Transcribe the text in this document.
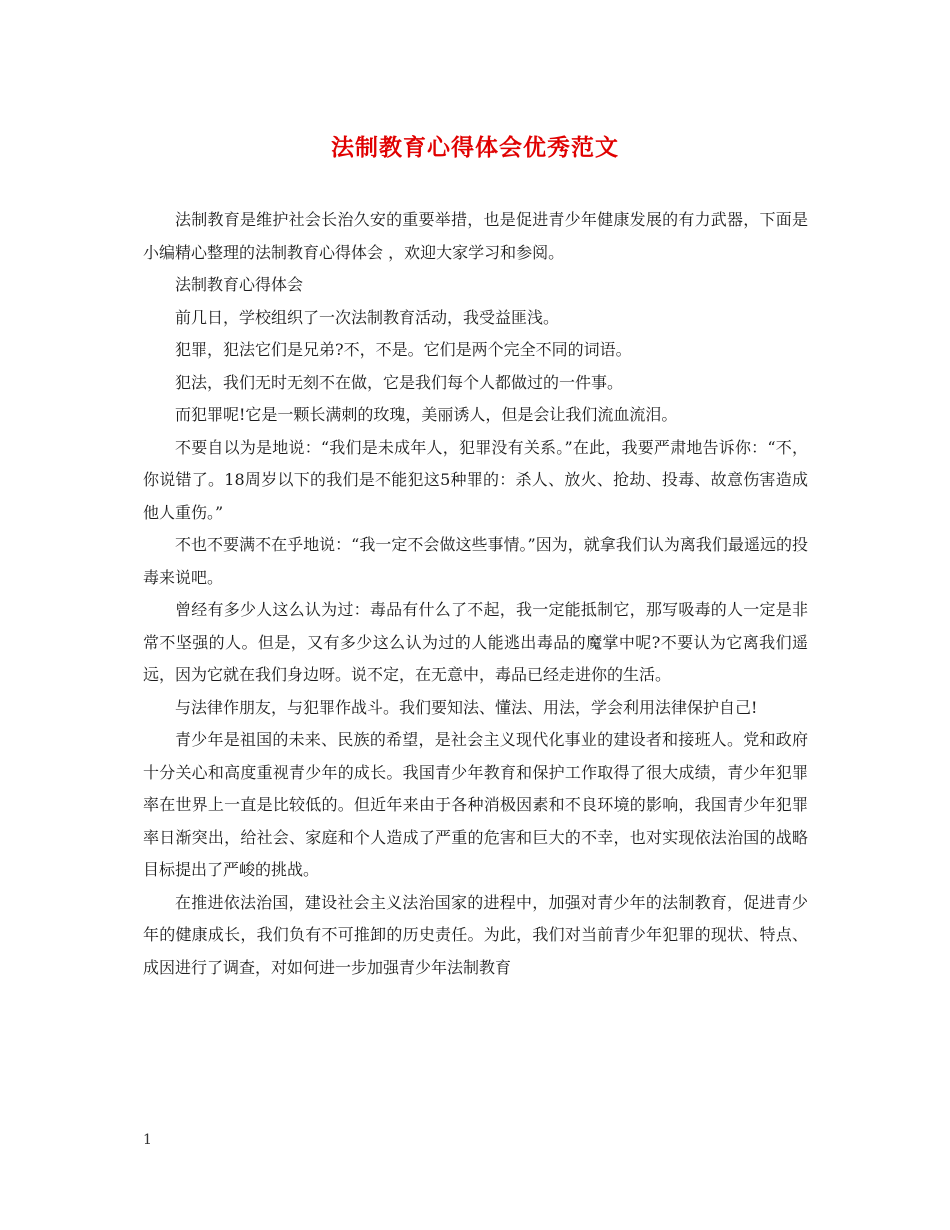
法制教育心得体会优秀范文

法制教育是维护社会长治久安的重要举措，也是促进青少年健康发展的有力武器，下面是小编精心整理的法制教育心得体会 ，欢迎大家学习和参阅。

法制教育心得体会

前几日，学校组织了一次法制教育活动，我受益匪浅。

犯罪，犯法它们是兄弟?不，不是。它们是两个完全不同的词语。

犯法，我们无时无刻不在做，它是我们每个人都做过的一件事。

而犯罪呢!它是一颗长满刺的玫瑰，美丽诱人，但是会让我们流血流泪。

不要自以为是地说：“我们是未成年人，犯罪没有关系。”在此，我要严肃地告诉你：“不，你说错了。18周岁以下的我们是不能犯这5种罪的：杀人、放火、抢劫、投毒、故意伤害造成他人重伤。”

不也不要满不在乎地说：“我一定不会做这些事情。”因为，就拿我们认为离我们最遥远的投毒来说吧。

曾经有多少人这么认为过：毒品有什么了不起，我一定能抵制它，那写吸毒的人一定是非常不坚强的人。但是，又有多少这么认为过的人能逃出毒品的魔掌中呢?不要认为它离我们遥远，因为它就在我们身边呀。说不定，在无意中，毒品已经走进你的生活。

与法律作朋友，与犯罪作战斗。我们要知法、懂法、用法，学会利用法律保护自己!

青少年是祖国的未来、民族的希望，是社会主义现代化事业的建设者和接班人。党和政府十分关心和高度重视青少年的成长。我国青少年教育和保护工作取得了很大成绩，青少年犯罪率在世界上一直是比较低的。但近年来由于各种消极因素和不良环境的影响，我国青少年犯罪率日渐突出，给社会、家庭和个人造成了严重的危害和巨大的不幸，也对实现依法治国的战略目标提出了严峻的挑战。

在推进依法治国，建设社会主义法治国家的进程中，加强对青少年的法制教育，促进青少年的健康成长，我们负有不可推卸的历史责任。为此，我们对当前青少年犯罪的现状、特点、成因进行了调查，对如何进一步加强青少年法制教育

1
